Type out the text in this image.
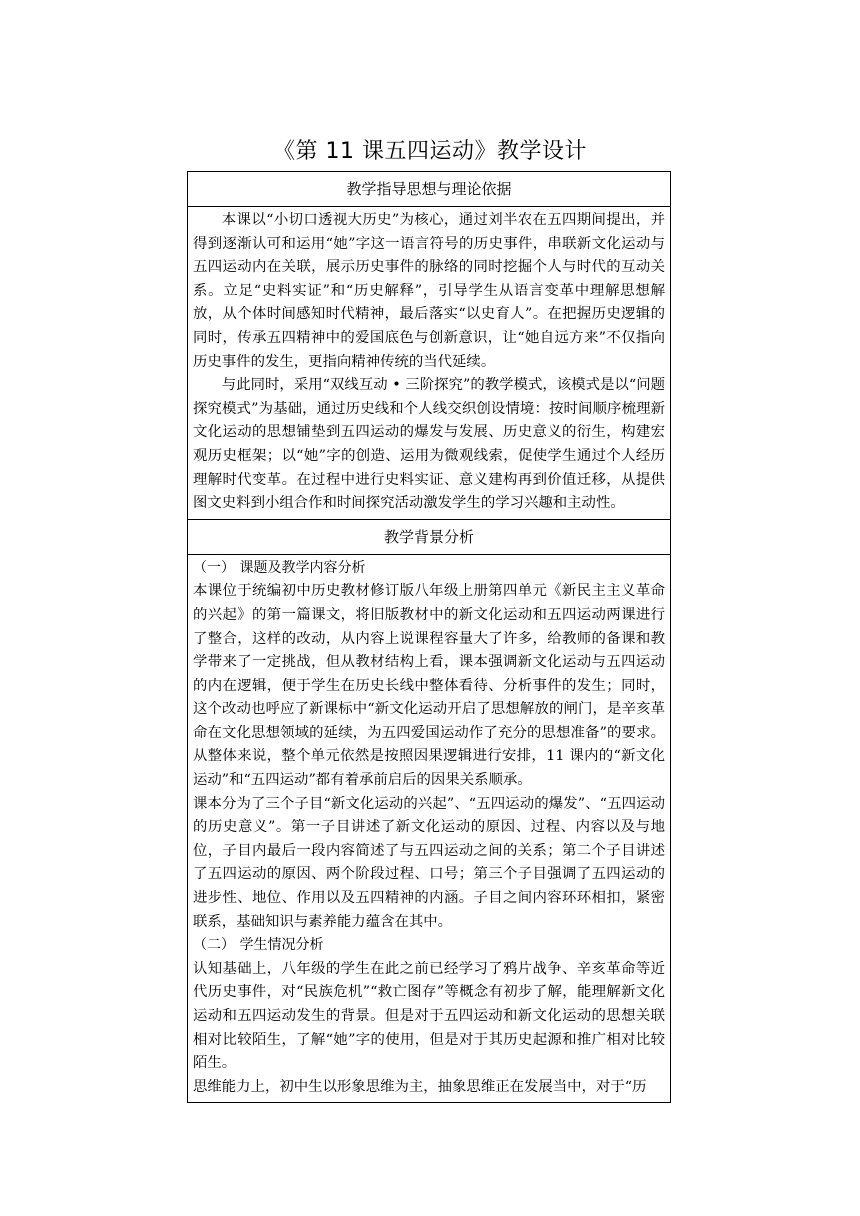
《第 11 课五四运动》教学设计
教学指导思想与理论依据

本课以“小切口透视大历史”为核心，通过刘半农在五四期间提出，并得到逐渐认可和运用“她”字这一语言符号的历史事件，串联新文化运动与五四运动内在关联，展示历史事件的脉络的同时挖掘个人与时代的互动关系。立足“史料实证”和“历史解释”，引导学生从语言变革中理解思想解放，从个体时间感知时代精神，最后落实“以史育人”。在把握历史逻辑的同时，传承五四精神中的爱国底色与创新意识，让“她自远方来”不仅指向历史事件的发生，更指向精神传统的当代延续。

与此同时，采用“双线互动 • 三阶探究”的教学模式，该模式是以“问题探究模式”为基础，通过历史线和个人线交织创设情境：按时间顺序梳理新文化运动的思想铺垫到五四运动的爆发与发展、历史意义的衍生，构建宏观历史框架；以“她”字的创造、运用为微观线索，促使学生通过个人经历理解时代变革。在过程中进行史料实证、意义建构再到价值迁移，从提供图文史料到小组合作和时间探究活动激发学生的学习兴趣和主动性。

教学背景分析

（一） 课题及教学内容分析

本课位于统编初中历史教材修订版八年级上册第四单元《新民主主义革命的兴起》的第一篇课文，将旧版教材中的新文化运动和五四运动两课进行了整合，这样的改动，从内容上说课程容量大了许多，给教师的备课和教学带来了一定挑战，但从教材结构上看，课本强调新文化运动与五四运动的内在逻辑，便于学生在历史长线中整体看待、分析事件的发生；同时，这个改动也呼应了新课标中“新文化运动开启了思想解放的闸门，是辛亥革命在文化思想领域的延续，为五四爱国运动作了充分的思想准备”的要求。从整体来说，整个单元依然是按照因果逻辑进行安排，11 课内的“新文化运动”和“五四运动”都有着承前启后的因果关系顺承。

课本分为了三个子目“新文化运动的兴起”、“五四运动的爆发”、“五四运动的历史意义”。第一子目讲述了新文化运动的原因、过程、内容以及与地位，子目内最后一段内容简述了与五四运动之间的关系；第二个子目讲述了五四运动的原因、两个阶段过程、口号；第三个子目强调了五四运动的进步性、地位、作用以及五四精神的内涵。子目之间内容环环相扣，紧密联系，基础知识与素养能力蕴含在其中。

（二） 学生情况分析

认知基础上，八年级的学生在此之前已经学习了鸦片战争、辛亥革命等近代历史事件，对“民族危机”“救亡图存”等概念有初步了解，能理解新文化运动和五四运动发生的背景。但是对于五四运动和新文化运动的思想关联相对比较陌生，了解“她”字的使用，但是对于其历史起源和推广相对比较陌生。

思维能力上，初中生以形象思维为主，抽象思维正在发展当中，对于“历
